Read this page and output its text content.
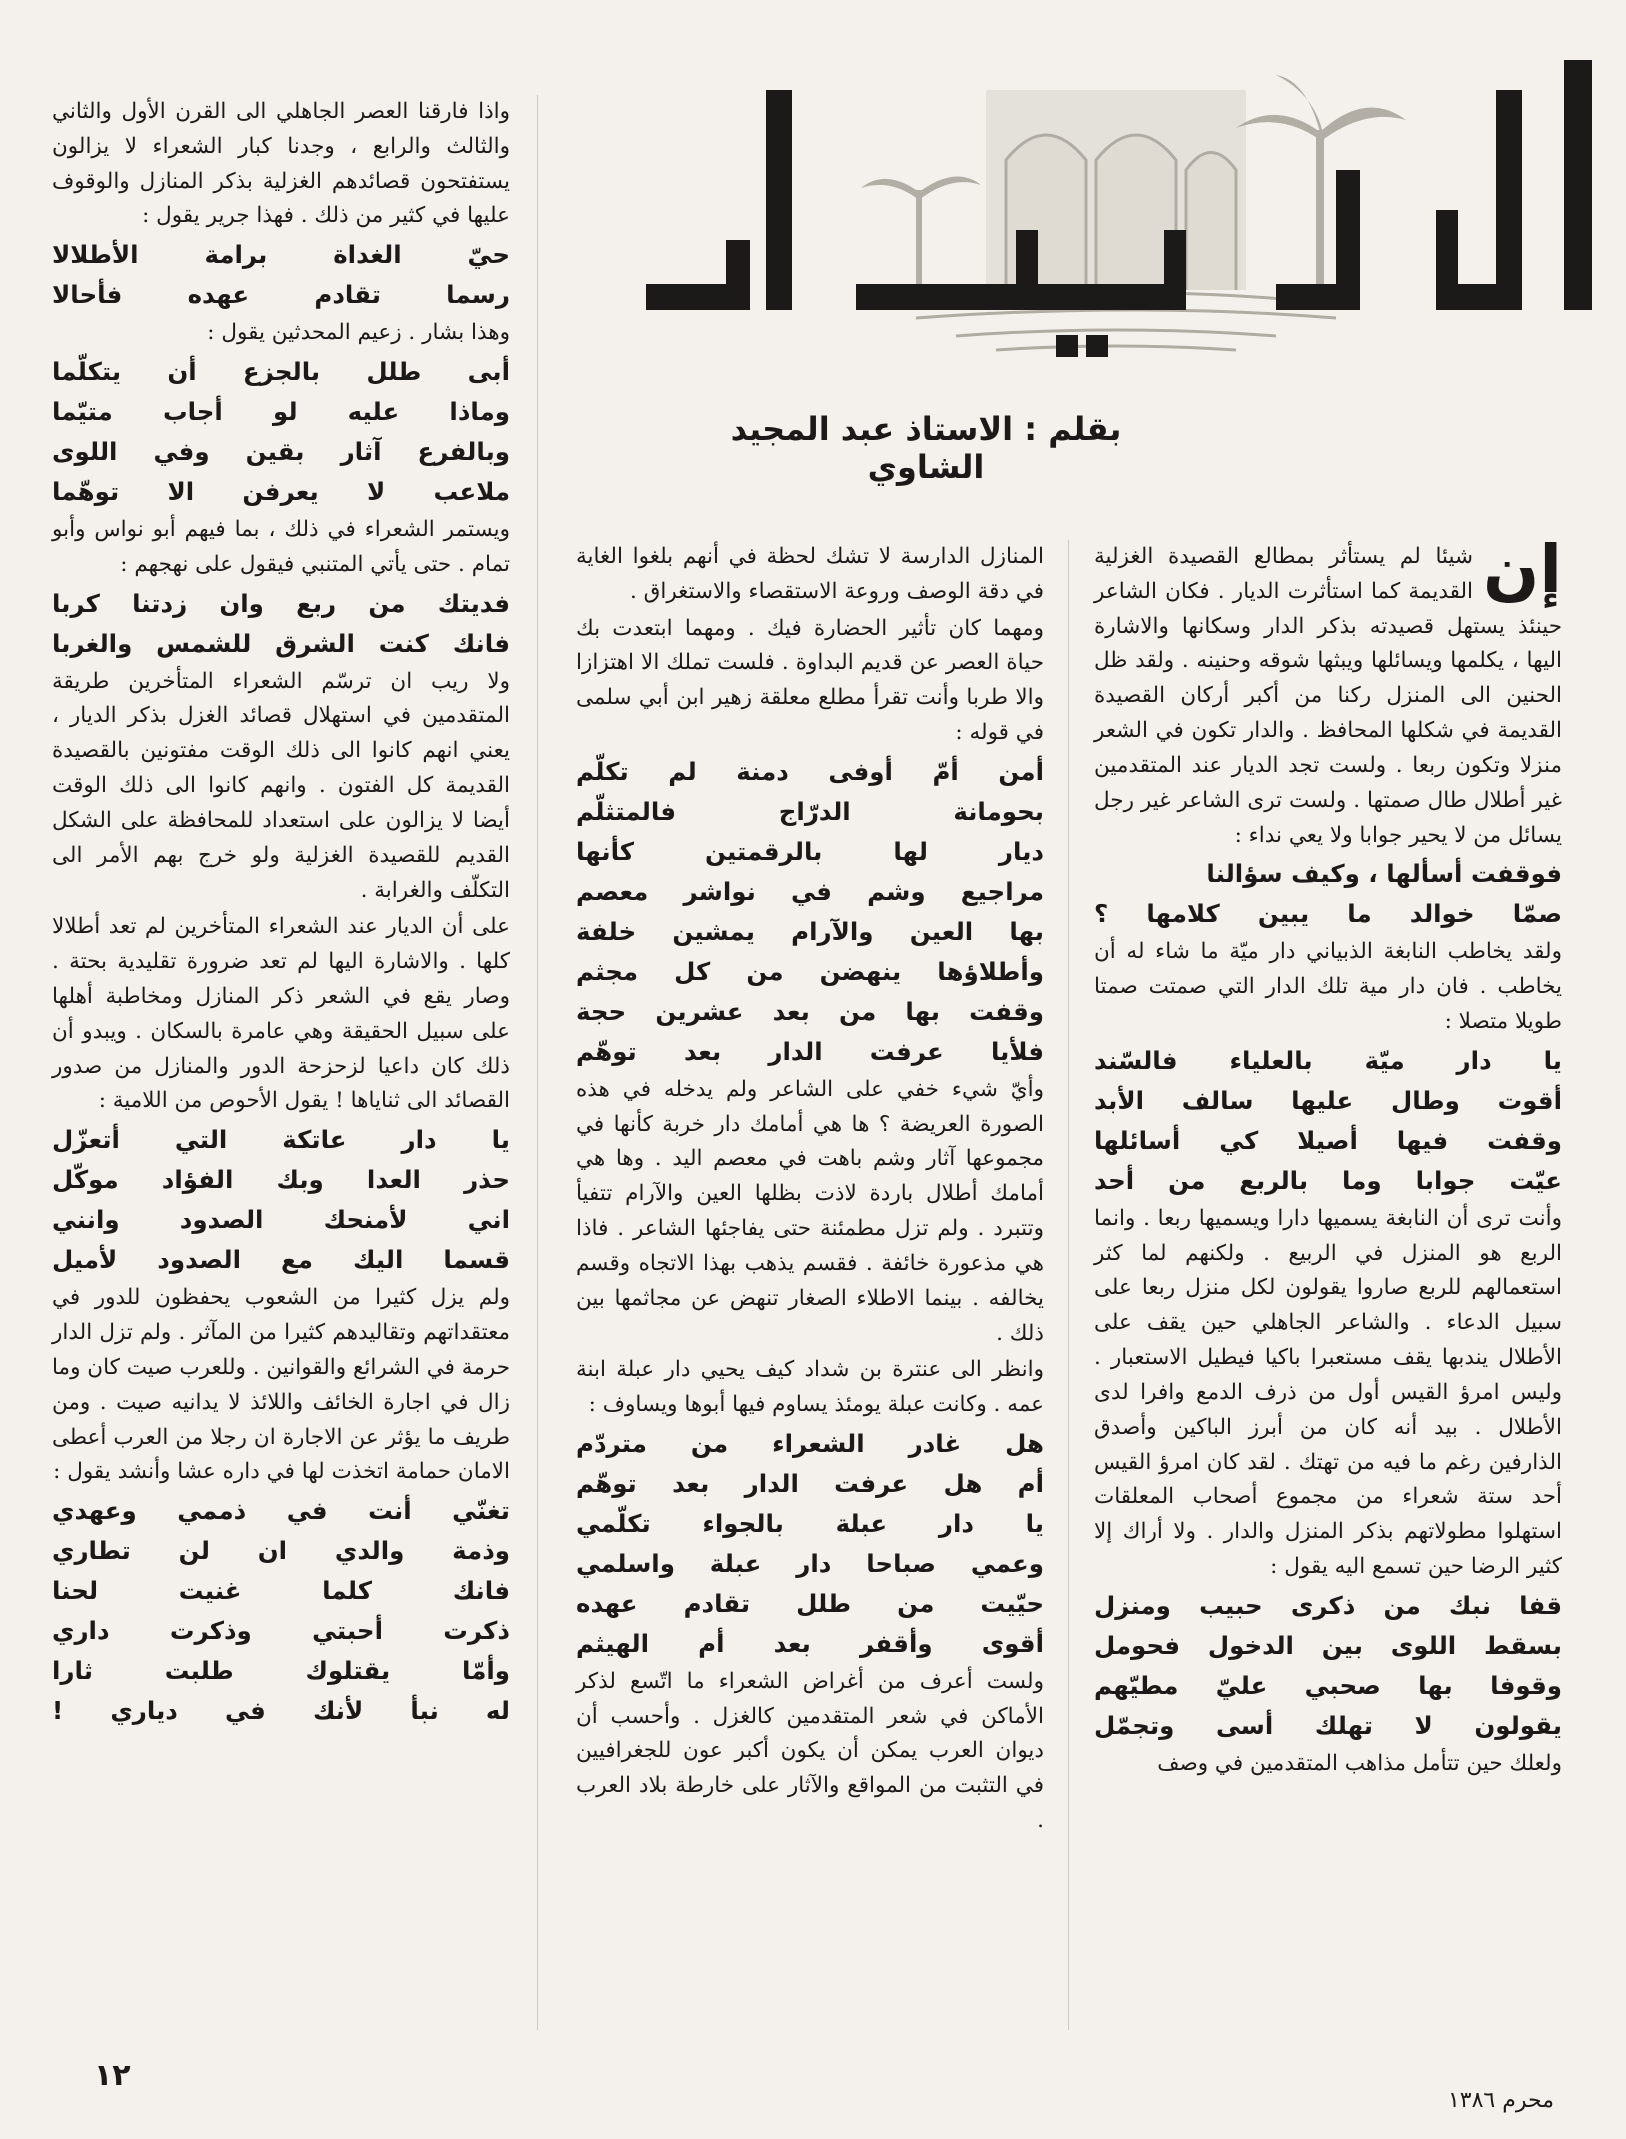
بقلم : الاستاذ عبد المجيد الشاوي

إن
شيئا لم يستأثر بمطالع القصيدة الغزلية القديمة كما استأثرت الديار . فكان الشاعر حينئذ يستهل قصيدته بذكر الدار وسكانها والاشارة اليها ، يكلمها ويسائلها ويبثها شوقه وحنينه . ولقد ظل الحنين الى المنزل ركنا من أكبر أركان القصيدة القديمة في شكلها المحافظ . والدار تكون في الشعر منزلا وتكون ربعا . ولست تجد الديار عند المتقدمين غير أطلال طال صمتها . ولست ترى الشاعر غير رجل يسائل من لا يحير جوابا ولا يعي نداء :

فوقفت أسألها ، وكيف سؤالنا
صمّا خوالد ما يبين كلامها ؟

ولقد يخاطب النابغة الذبياني دار ميّة ما شاء له أن يخاطب . فان دار مية تلك الدار التي صمتت صمتا طويلا متصلا :

يا دار ميّة بالعلياء فالسّند
أقوت وطال عليها سالف الأبد
وقفت فيها أصيلا كي أسائلها
عيّت جوابا وما بالربع من أحد

وأنت ترى أن النابغة يسميها دارا ويسميها ربعا . وانما الربع هو المنزل في الربيع . ولكنهم لما كثر استعمالهم للربع صاروا يقولون لكل منزل ربعا على سبيل الدعاء . والشاعر الجاهلي حين يقف على الأطلال يندبها يقف مستعبرا باكيا فيطيل الاستعبار . وليس امرؤ القيس أول من ذرف الدمع وافرا لدى الأطلال . بيد أنه كان من أبرز الباكين وأصدق الذارفين رغم ما فيه من تهتك . لقد كان امرؤ القيس أحد ستة شعراء من مجموع أصحاب المعلقات استهلوا مطولاتهم بذكر المنزل والدار . ولا أراك إلا كثير الرضا حين تسمع اليه يقول :

قفا نبك من ذكرى حبيب ومنزل
بسقط اللوى بين الدخول فحومل
وقوفا بها صحبي عليّ مطيّهم
يقولون لا تهلك أسى وتجمّل

ولعلك حين تتأمل مذاهب المتقدمين في وصف

المنازل الدارسة لا تشك لحظة في أنهم بلغوا الغاية في دقة الوصف وروعة الاستقصاء والاستغراق .

ومهما كان تأثير الحضارة فيك . ومهما ابتعدت بك حياة العصر عن قديم البداوة . فلست تملك الا اهتزازا والا طربا وأنت تقرأ مطلع معلقة زهير ابن أبي سلمى في قوله :

أمن أمّ أوفى دمنة لم تكلّم
بحومانة الدرّاج فالمتثلّم
ديار لها بالرقمتين كأنها
مراجيع وشم في نواشر معصم
بها العين والآرام يمشين خلفة
وأطلاؤها ينهضن من كل مجثم
وقفت بها من بعد عشرين حجة
فلأيا عرفت الدار بعد توهّم

وأيّ شيء خفي على الشاعر ولم يدخله في هذه الصورة العريضة ؟ ها هي أمامك دار خربة كأنها في مجموعها آثار وشم باهت في معصم اليد . وها هي أمامك أطلال باردة لاذت بظلها العين والآرام تتفيأ وتتبرد . ولم تزل مطمئنة حتى يفاجئها الشاعر . فاذا هي مذعورة خائفة . فقسم يذهب بهذا الاتجاه وقسم يخالفه . بينما الاطلاء الصغار تنهض عن مجاثمها بين ذلك .

وانظر الى عنترة بن شداد كيف يحيي دار عبلة ابنة عمه . وكانت عبلة يومئذ يساوم فيها أبوها ويساوف :

هل غادر الشعراء من متردّم
أم هل عرفت الدار بعد توهّم
يا دار عبلة بالجواء تكلّمي
وعمي صباحا دار عبلة واسلمي
حيّيت من طلل تقادم عهده
أقوى وأقفر بعد أم الهيثم

ولست أعرف من أغراض الشعراء ما اتّسع لذكر الأماكن في شعر المتقدمين كالغزل . وأحسب أن ديوان العرب يمكن أن يكون أكبر عون للجغرافيين في التثبت من المواقع والآثار على خارطة بلاد العرب .

واذا فارقنا العصر الجاهلي الى القرن الأول والثاني والثالث والرابع ، وجدنا كبار الشعراء لا يزالون يستفتحون قصائدهم الغزلية بذكر المنازل والوقوف عليها في كثير من ذلك . فهذا جرير يقول :

حيّ الغداة برامة الأطلالا
رسما تقادم عهده فأحالا

وهذا بشار . زعيم المحدثين يقول :

أبى طلل بالجزع أن يتكلّما
وماذا عليه لو أجاب متيّما
وبالفرع آثار بقين وفي اللوى
ملاعب لا يعرفن الا توهّما

ويستمر الشعراء في ذلك ، بما فيهم أبو نواس وأبو تمام . حتى يأتي المتنبي فيقول على نهجهم :

فديتك من ربع وان زدتنا كربا
فانك كنت الشرق للشمس والغربا

ولا ريب ان ترسّم الشعراء المتأخرين طريقة المتقدمين في استهلال قصائد الغزل بذكر الديار ، يعني انهم كانوا الى ذلك الوقت مفتونين بالقصيدة القديمة كل الفتون . وانهم كانوا الى ذلك الوقت أيضا لا يزالون على استعداد للمحافظة على الشكل القديم للقصيدة الغزلية ولو خرج بهم الأمر الى التكلّف والغرابة .

على أن الديار عند الشعراء المتأخرين لم تعد أطلالا كلها . والاشارة اليها لم تعد ضرورة تقليدية بحتة . وصار يقع في الشعر ذكر المنازل ومخاطبة أهلها على سبيل الحقيقة وهي عامرة بالسكان . ويبدو أن ذلك كان داعيا لزحزحة الدور والمنازل من صدور القصائد الى ثناياها ! يقول الأحوص من اللامية :

يا دار عاتكة التي أتعزّل
حذر العدا وبك الفؤاد موكّل
اني لأمنحك الصدود وانني
قسما اليك مع الصدود لأميل

ولم يزل كثيرا من الشعوب يحفظون للدور في معتقداتهم وتقاليدهم كثيرا من المآثر . ولم تزل الدار حرمة في الشرائع والقوانين . وللعرب صيت كان وما زال في اجارة الخائف واللائذ لا يدانيه صيت . ومن طريف ما يؤثر عن الاجارة ان رجلا من العرب أعطى الامان حمامة اتخذت لها في داره عشا وأنشد يقول :

تغنّي أنت في ذممي وعهدي
وذمة والدي ان لن تطاري
فانك كلما غنيت لحنا
ذكرت أحبتي وذكرت داري
وأمّا يقتلوك طلبت ثارا
له نبأ لأنك في دياري !
١٢
محرم ١٣٨٦
